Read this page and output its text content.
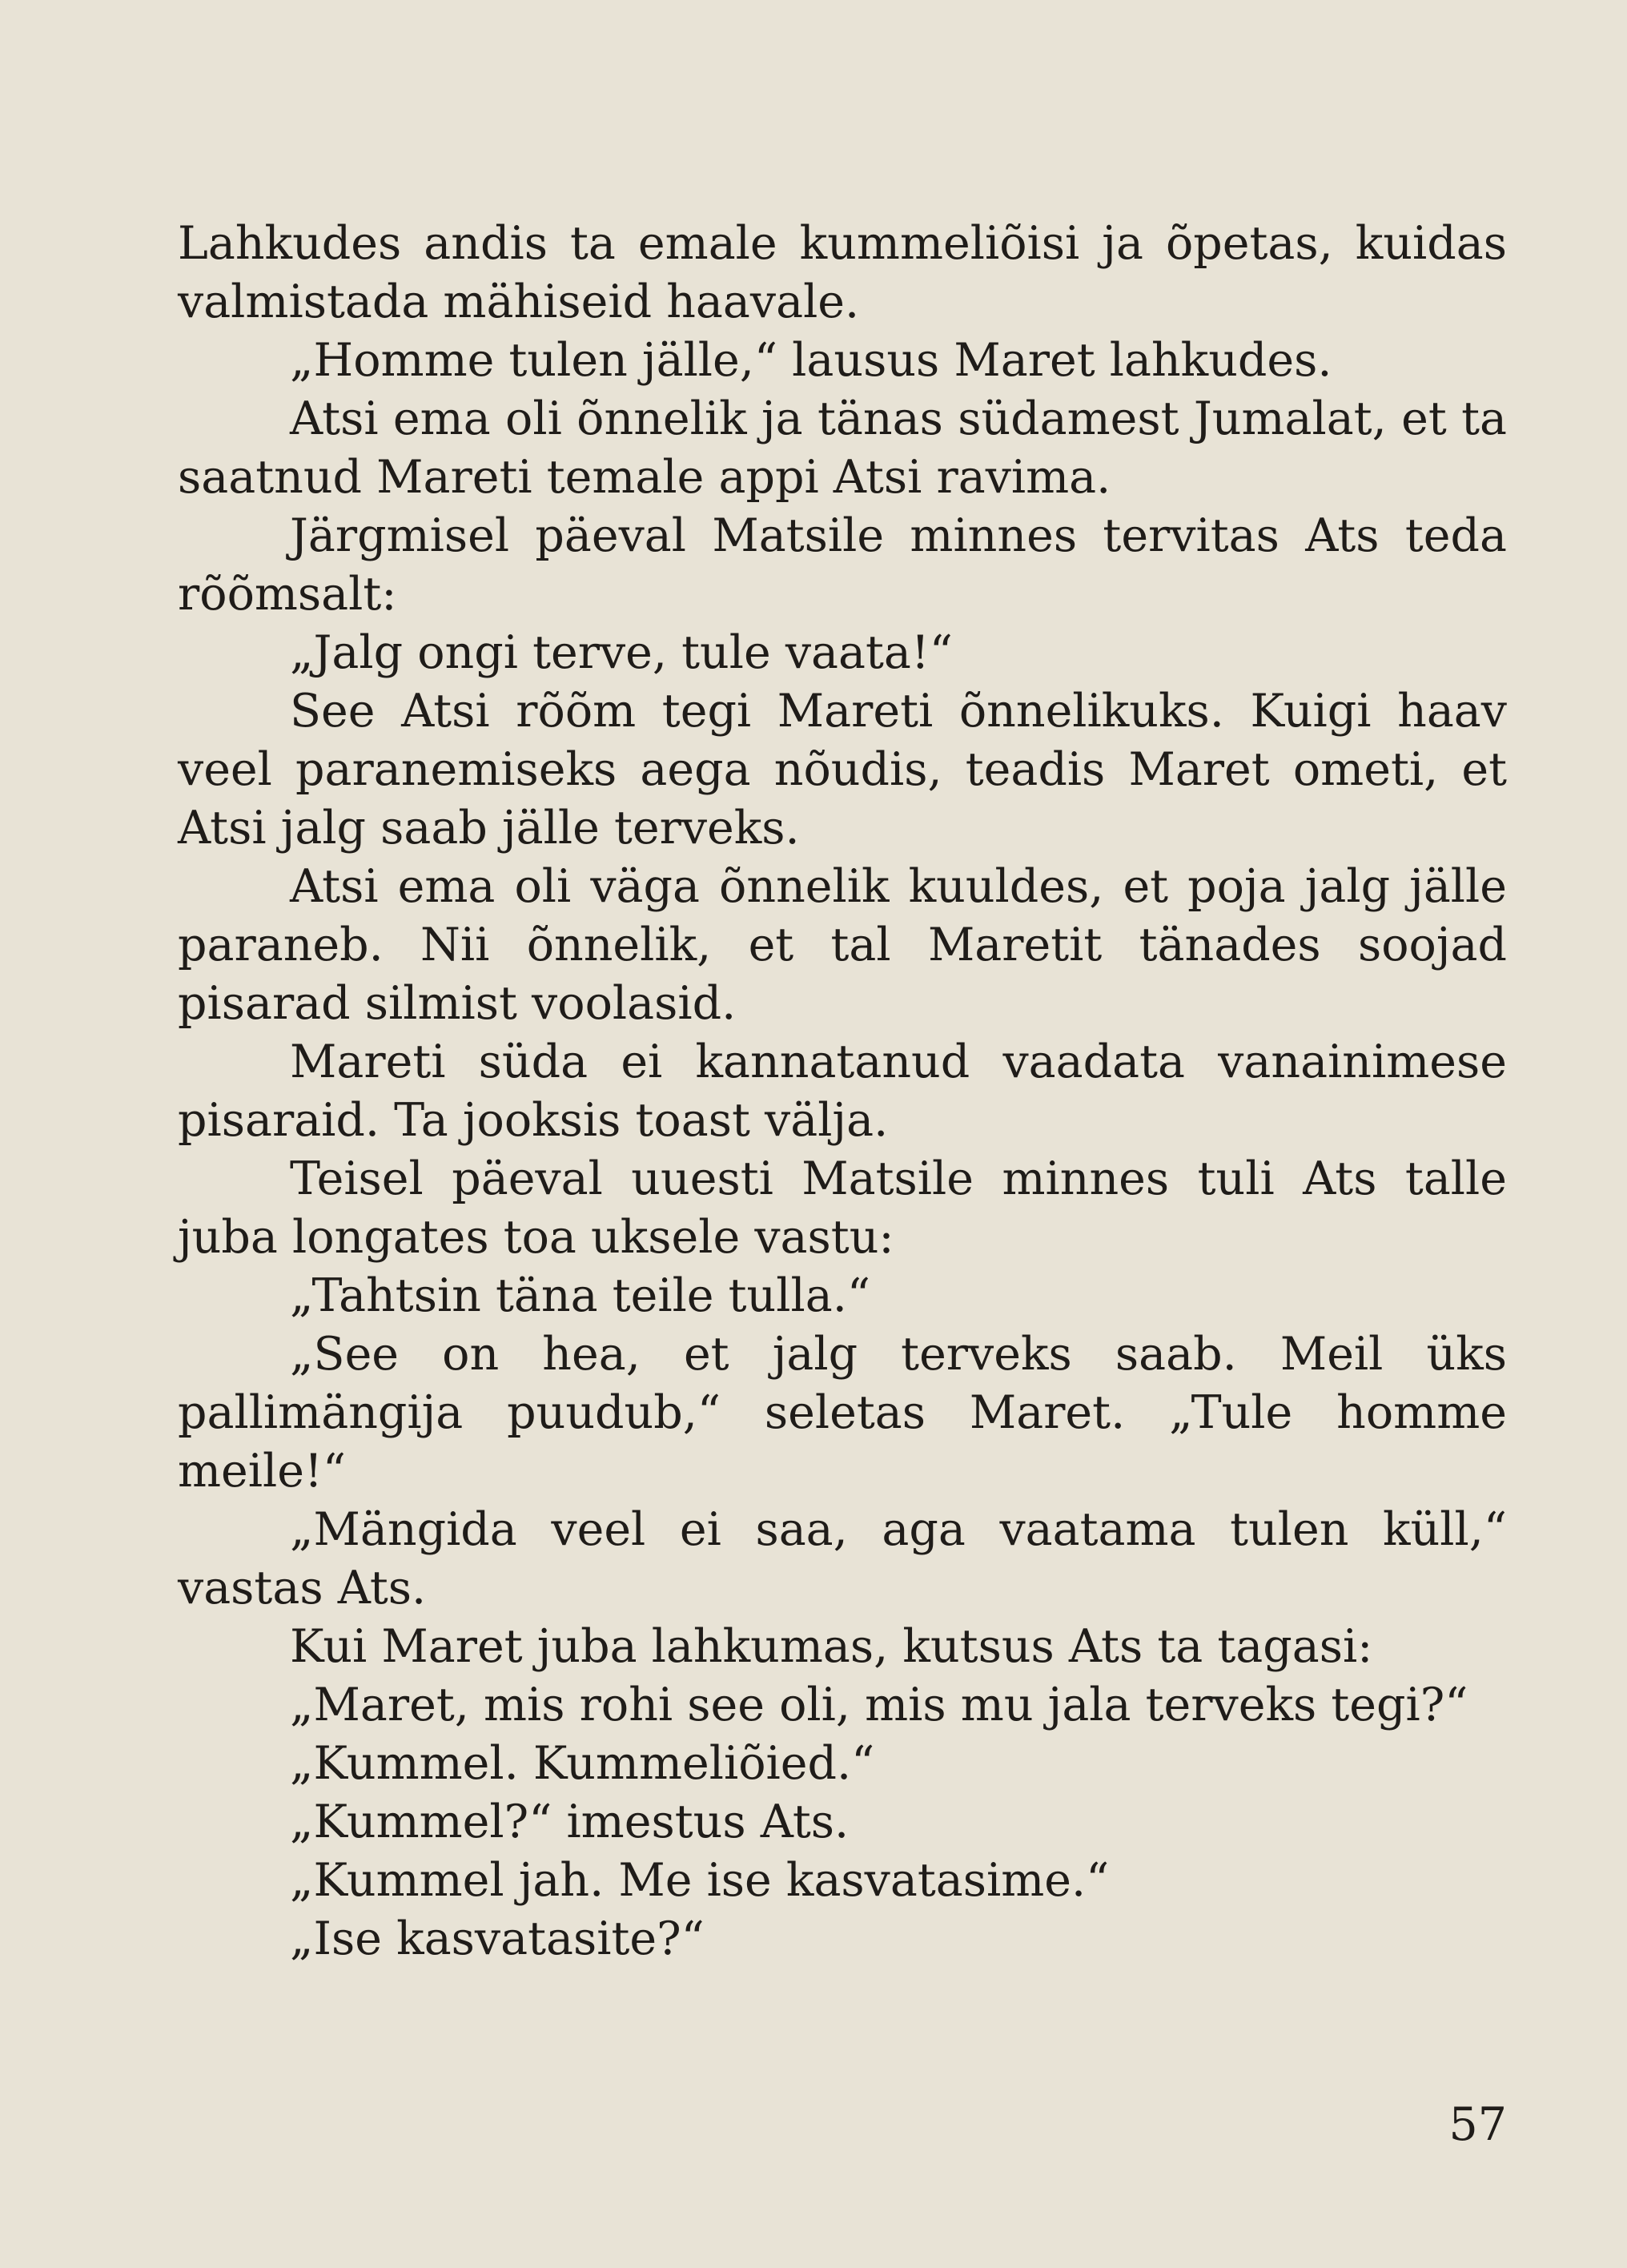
Lahkudes andis ta emale kummeliõisi ja õpetas, kuidas valmistada mähiseid haavale.

„Homme tulen jälle,“ lausus Maret lahkudes.

Atsi ema oli õnnelik ja tänas südamest Jumalat, et ta saatnud Mareti temale appi Atsi ravima.

Järgmisel päeval Matsile minnes tervitas Ats teda rõõmsalt:

„Jalg ongi terve, tule vaata!“

See Atsi rõõm tegi Mareti õnnelikuks. Kuigi haav veel paranemiseks aega nõudis, teadis Maret ometi, et Atsi jalg saab jälle terveks.

Atsi ema oli väga õnnelik kuuldes, et poja jalg jälle paraneb. Nii õnnelik, et tal Maretit tänades soojad pisarad silmist voolasid.

Mareti süda ei kannatanud vaadata vanainimese pisaraid. Ta jooksis toast välja.

Teisel päeval uuesti Matsile minnes tuli Ats talle juba longates toa uksele vastu:

„Tahtsin täna teile tulla.“

„See on hea, et jalg terveks saab. Meil üks pallimängija puudub,“ seletas Maret. „Tule homme meile!“

„Mängida veel ei saa, aga vaatama tulen küll,“ vastas Ats.

Kui Maret juba lahkumas, kutsus Ats ta tagasi:

„Maret, mis rohi see oli, mis mu jala terveks tegi?“

„Kummel. Kummeliõied.“

„Kummel?“ imestus Ats.

„Kummel jah. Me ise kasvatasime.“

„Ise kasvatasite?“

57
